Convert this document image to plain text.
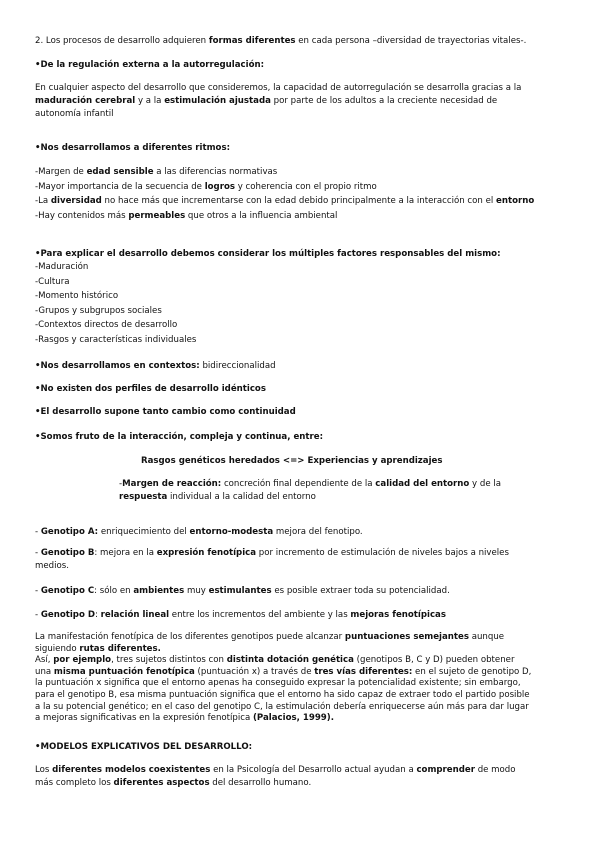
2. Los procesos de desarrollo adquieren formas diferentes en cada persona –diversidad de trayectorias vitales-.

•De la regulación externa a la autorregulación:

En cualquier aspecto del desarrollo que consideremos, la capacidad de autorregulación se desarrolla gracias a la
maduración cerebral y a la estimulación ajustada por parte de los adultos a la creciente necesidad de
autonomía infantil

•Nos desarrollamos a diferentes ritmos:

-Margen de edad sensible a las diferencias normativas
-Mayor importancia de la secuencia de logros y coherencia con el propio ritmo
-La diversidad no hace más que incrementarse con la edad debido principalmente a la interacción con el entorno
-Hay contenidos más permeables que otros a la influencia ambiental

•Para explicar el desarrollo debemos considerar los múltiples factores responsables del mismo:

-Maduración
-Cultura
-Momento histórico
-Grupos y subgrupos sociales
-Contextos directos de desarrollo
-Rasgos y características individuales

•Nos desarrollamos en contextos: bidireccionalidad

•No existen dos perfiles de desarrollo idénticos

•El desarrollo supone tanto cambio como continuidad

•Somos fruto de la interacción, compleja y continua, entre:

Rasgos genéticos heredados <=> Experiencias y aprendizajes

-Margen de reacción: concreción final dependiente de la calidad del entorno y de la
respuesta individual a la calidad del entorno

- Genotipo A: enriquecimiento del entorno-modesta mejora del fenotipo.

- Genotipo B: mejora en la expresión fenotípica por incremento de estimulación de niveles bajos a niveles
medios.

- Genotipo C: sólo en ambientes muy estimulantes es posible extraer toda su potencialidad.

- Genotipo D: relación lineal entre los incrementos del ambiente y las mejoras fenotípicas

La manifestación fenotípica de los diferentes genotipos puede alcanzar puntuaciones semejantes aunque
siguiendo rutas diferentes.
Así, por ejemplo, tres sujetos distintos con distinta dotación genética (genotipos B, C y D) pueden obtener
una misma puntuación fenotípica (puntuación x) a través de tres vías diferentes: en el sujeto de genotipo D,
la puntuación x significa que el entorno apenas ha conseguido expresar la potencialidad existente; sin embargo,
para el genotipo B, esa misma puntuación significa que el entorno ha sido capaz de extraer todo el partido posible
a la su potencial genético; en el caso del genotipo C, la estimulación debería enriquecerse aún más para dar lugar
a mejoras significativas en la expresión fenotípica (Palacios, 1999).

•MODELOS EXPLICATIVOS DEL DESARROLLO:

Los diferentes modelos coexistentes en la Psicología del Desarrollo actual ayudan a comprender de modo
más completo los diferentes aspectos del desarrollo humano.
